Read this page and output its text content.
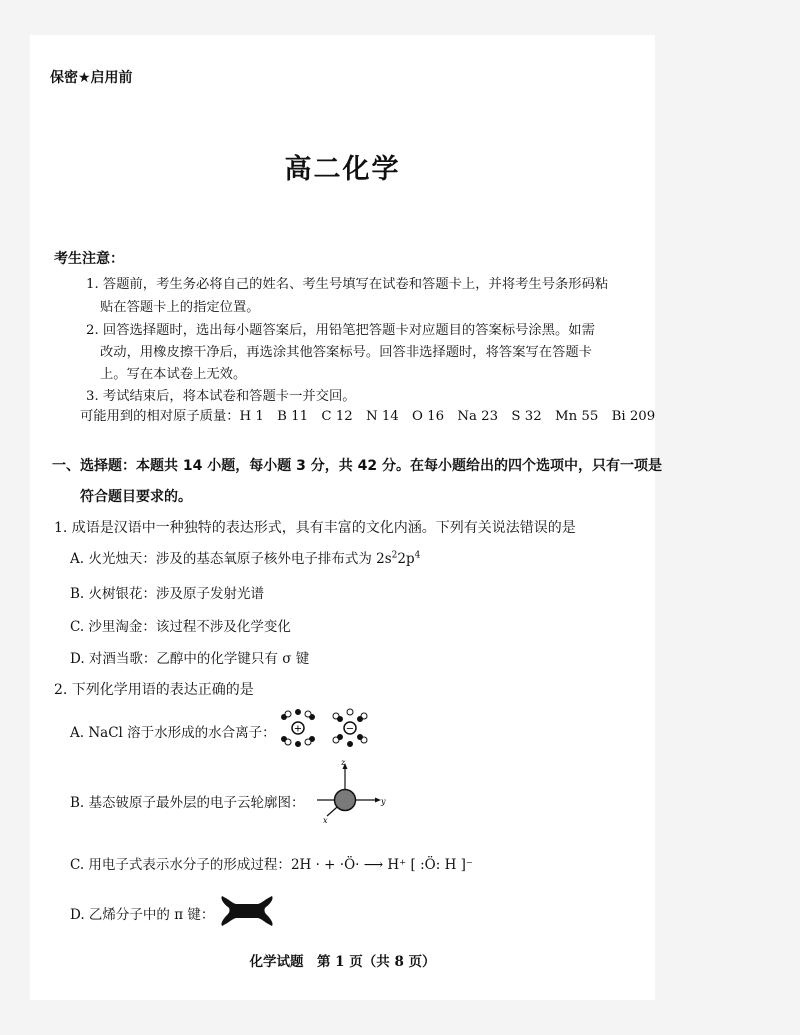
保密★启用前
高二化学
考生注意：
1. 答题前，考生务必将自己的姓名、考生号填写在试卷和答题卡上，并将考生号条形码粘
贴在答题卡上的指定位置。
2. 回答选择题时，选出每小题答案后，用铅笔把答题卡对应题目的答案标号涂黑。如需
改动，用橡皮擦干净后，再选涂其他答案标号。回答非选择题时，将答案写在答题卡
上。写在本试卷上无效。
3. 考试结束后，将本试卷和答题卡一并交回。
可能用到的相对原子质量：H 1　B 11　C 12　N 14　O 16　Na 23　S 32　Mn 55　Bi 209
一、选择题：本题共 14 小题，每小题 3 分，共 42 分。在每小题给出的四个选项中，只有一项是
符合题目要求的。
1. 成语是汉语中一种独特的表达形式，具有丰富的文化内涵。下列有关说法错误的是
A. 火光烛天：涉及的基态氧原子核外电子排布式为 $2s^22p^4$
B. 火树银花：涉及原子发射光谱
C. 沙里淘金：该过程不涉及化学变化
D. 对酒当歌：乙醇中的化学键只有 σ 键
2. 下列化学用语的表达正确的是
A. NaCl 溶于水形成的水合离子： +	−
B. 基态铍原子最外层的电子云轮廓图：
z
y
x
C. 用电子式表示水分子的形成过程：2H · + ·Ö· ⟶ H⁺ [ :Ö: H ]⁻
D. 乙烯分子中的 π 键：
化学试题　第 1 页（共 8 页）
